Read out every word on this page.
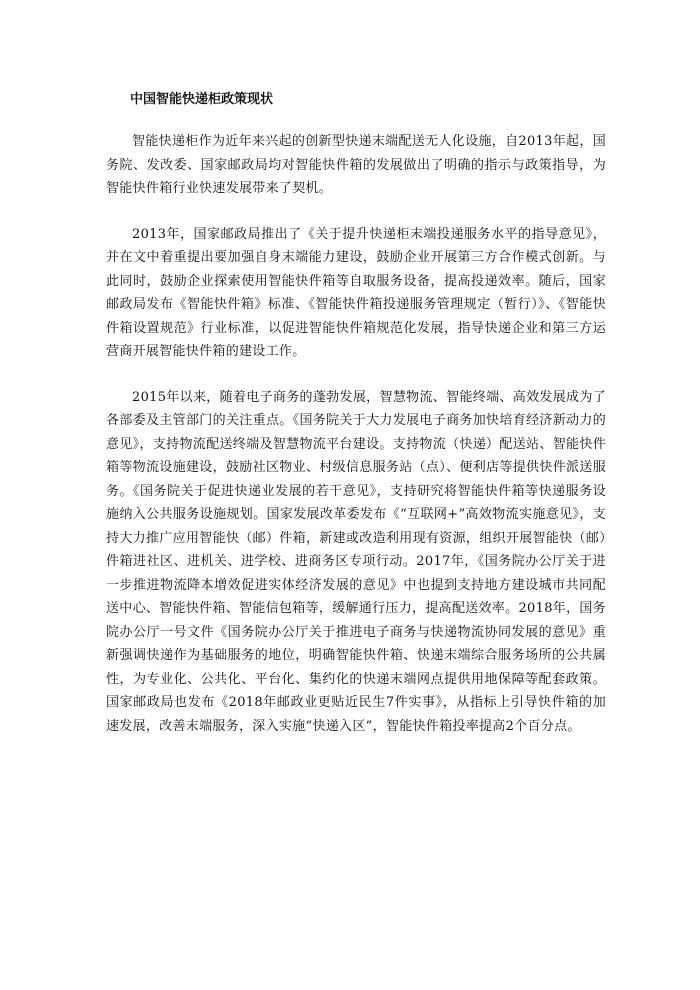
中国智能快递柜政策现状

智能快递柜作为近年来兴起的创新型快递末端配送无人化设施，自2013年起，国务院、发改委、国家邮政局均对智能快件箱的发展做出了明确的指示与政策指导，为智能快件箱行业快速发展带来了契机。

2013年，国家邮政局推出了《关于提升快递柜末端投递服务水平的指导意见》，并在文中着重提出要加强自身末端能力建设，鼓励企业开展第三方合作模式创新。与此同时，鼓励企业探索使用智能快件箱等自取服务设备，提高投递效率。随后，国家邮政局发布《智能快件箱》标准、《智能快件箱投递服务管理规定（暂行）》、《智能快件箱设置规范》行业标准，以促进智能快件箱规范化发展，指导快递企业和第三方运营商开展智能快件箱的建设工作。

2015年以来，随着电子商务的蓬勃发展，智慧物流、智能终端、高效发展成为了各部委及主管部门的关注重点。《国务院关于大力发展电子商务加快培育经济新动力的意见》，支持物流配送终端及智慧物流平台建设。支持物流（快递）配送站、智能快件箱等物流设施建设，鼓励社区物业、村级信息服务站（点）、便利店等提供快件派送服务。《国务院关于促进快递业发展的若干意见》，支持研究将智能快件箱等快递服务设施纳入公共服务设施规划。国家发展改革委发布《“互联网+”高效物流实施意见》，支持大力推广应用智能快（邮）件箱，新建或改造利用现有资源，组织开展智能快（邮）件箱进社区、进机关、进学校、进商务区专项行动。2017年，《国务院办公厅关于进一步推进物流降本增效促进实体经济发展的意见》中也提到支持地方建设城市共同配送中心、智能快件箱、智能信包箱等，缓解通行压力，提高配送效率。2018年，国务院办公厅一号文件《国务院办公厅关于推进电子商务与快递物流协同发展的意见》重新强调快递作为基础服务的地位，明确智能快件箱、快递末端综合服务场所的公共属性，为专业化、公共化、平台化、集约化的快递末端网点提供用地保障等配套政策。 国家邮政局也发布《2018年邮政业更贴近民生7件实事》，从指标上引导快件箱的加速发展，改善末端服务，深入实施“快递入区”，智能快件箱投率提高2个百分点。
